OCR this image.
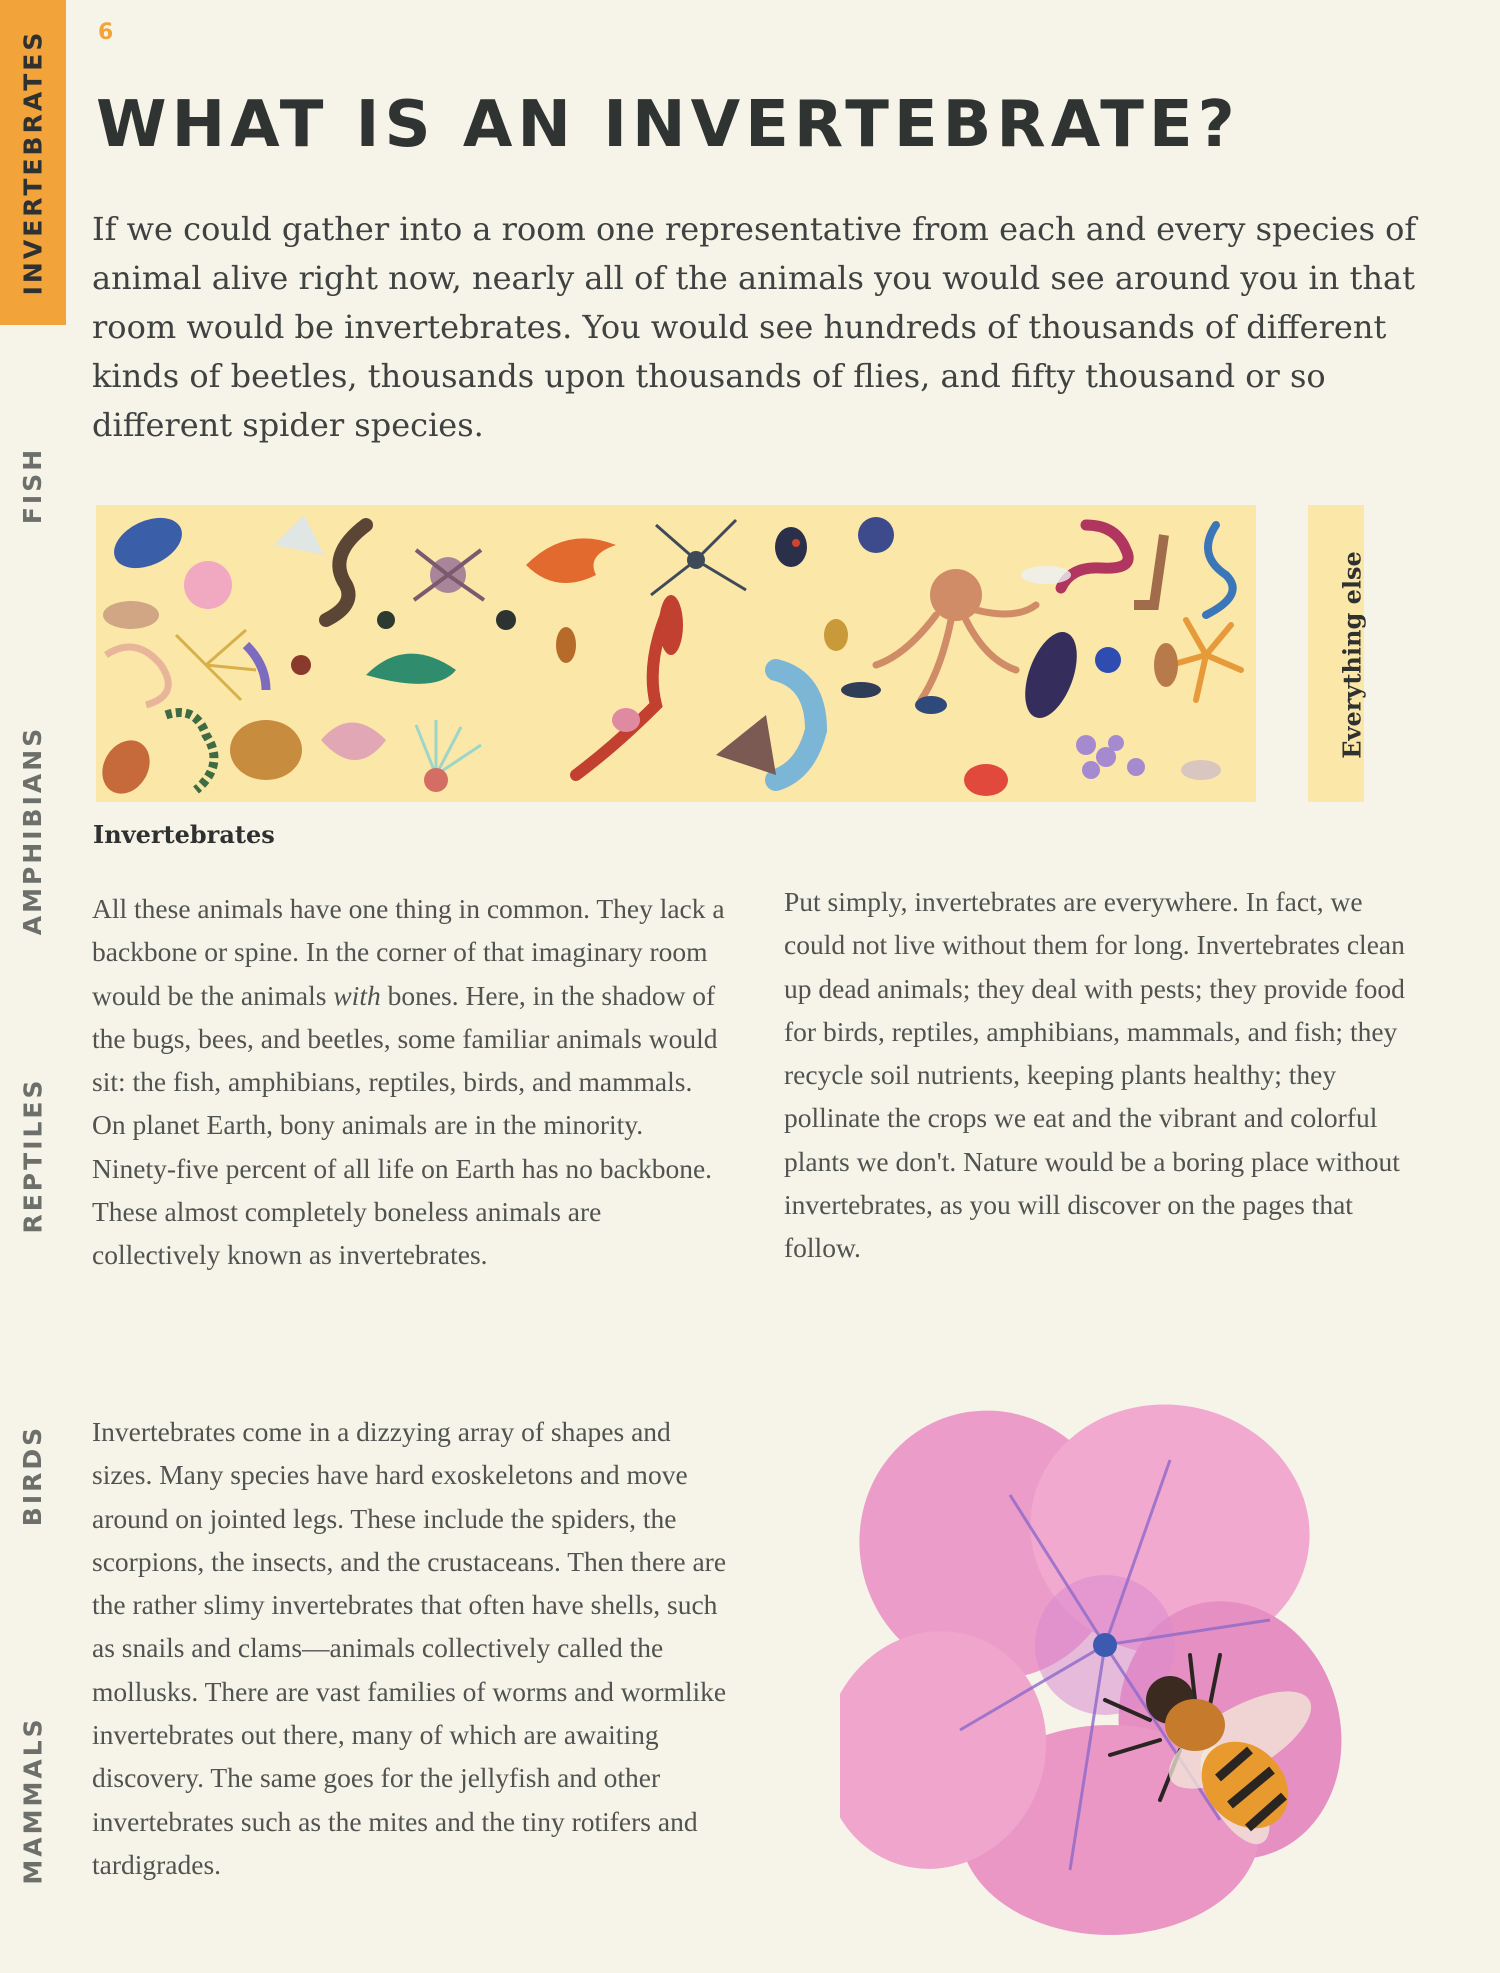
INVERTEBRATES
FISH
AMPHIBIANS
REPTILES
BIRDS
MAMMALS
6
WHAT IS AN INVERTEBRATE?

If we could gather into a room one representative from each and every species of animal alive right now, nearly all of the animals you would see around you in that room would be invertebrates. You would see hundreds of thousands of different kinds of beetles, thousands upon thousands of flies, and fifty thousand or so different spider species.

Everything else

Invertebrates

All these animals have one thing in common. They lack a backbone or spine. In the corner of that imaginary room would be the animals with bones. Here, in the shadow of the bugs, bees, and beetles, some familiar animals would sit: the fish, amphibians, reptiles, birds, and mammals. On planet Earth, bony animals are in the minority. Ninety-five percent of all life on Earth has no backbone. These almost completely boneless animals are collectively known as invertebrates.

Invertebrates come in a dizzying array of shapes and sizes. Many species have hard exoskeletons and move around on jointed legs. These include the spiders, the scorpions, the insects, and the crustaceans. Then there are the rather slimy invertebrates that often have shells, such as snails and clams—animals collectively called the mollusks. There are vast families of worms and wormlike invertebrates out there, many of which are awaiting discovery. The same goes for the jellyfish and other invertebrates such as the mites and the tiny rotifers and tardigrades.

Put simply, invertebrates are everywhere. In fact, we could not live without them for long. Invertebrates clean up dead animals; they deal with pests; they provide food for birds, reptiles, amphibians, mammals, and fish; they recycle soil nutrients, keeping plants healthy; they pollinate the crops we eat and the vibrant and colorful plants we don't. Nature would be a boring place without invertebrates, as you will discover on the pages that follow.
